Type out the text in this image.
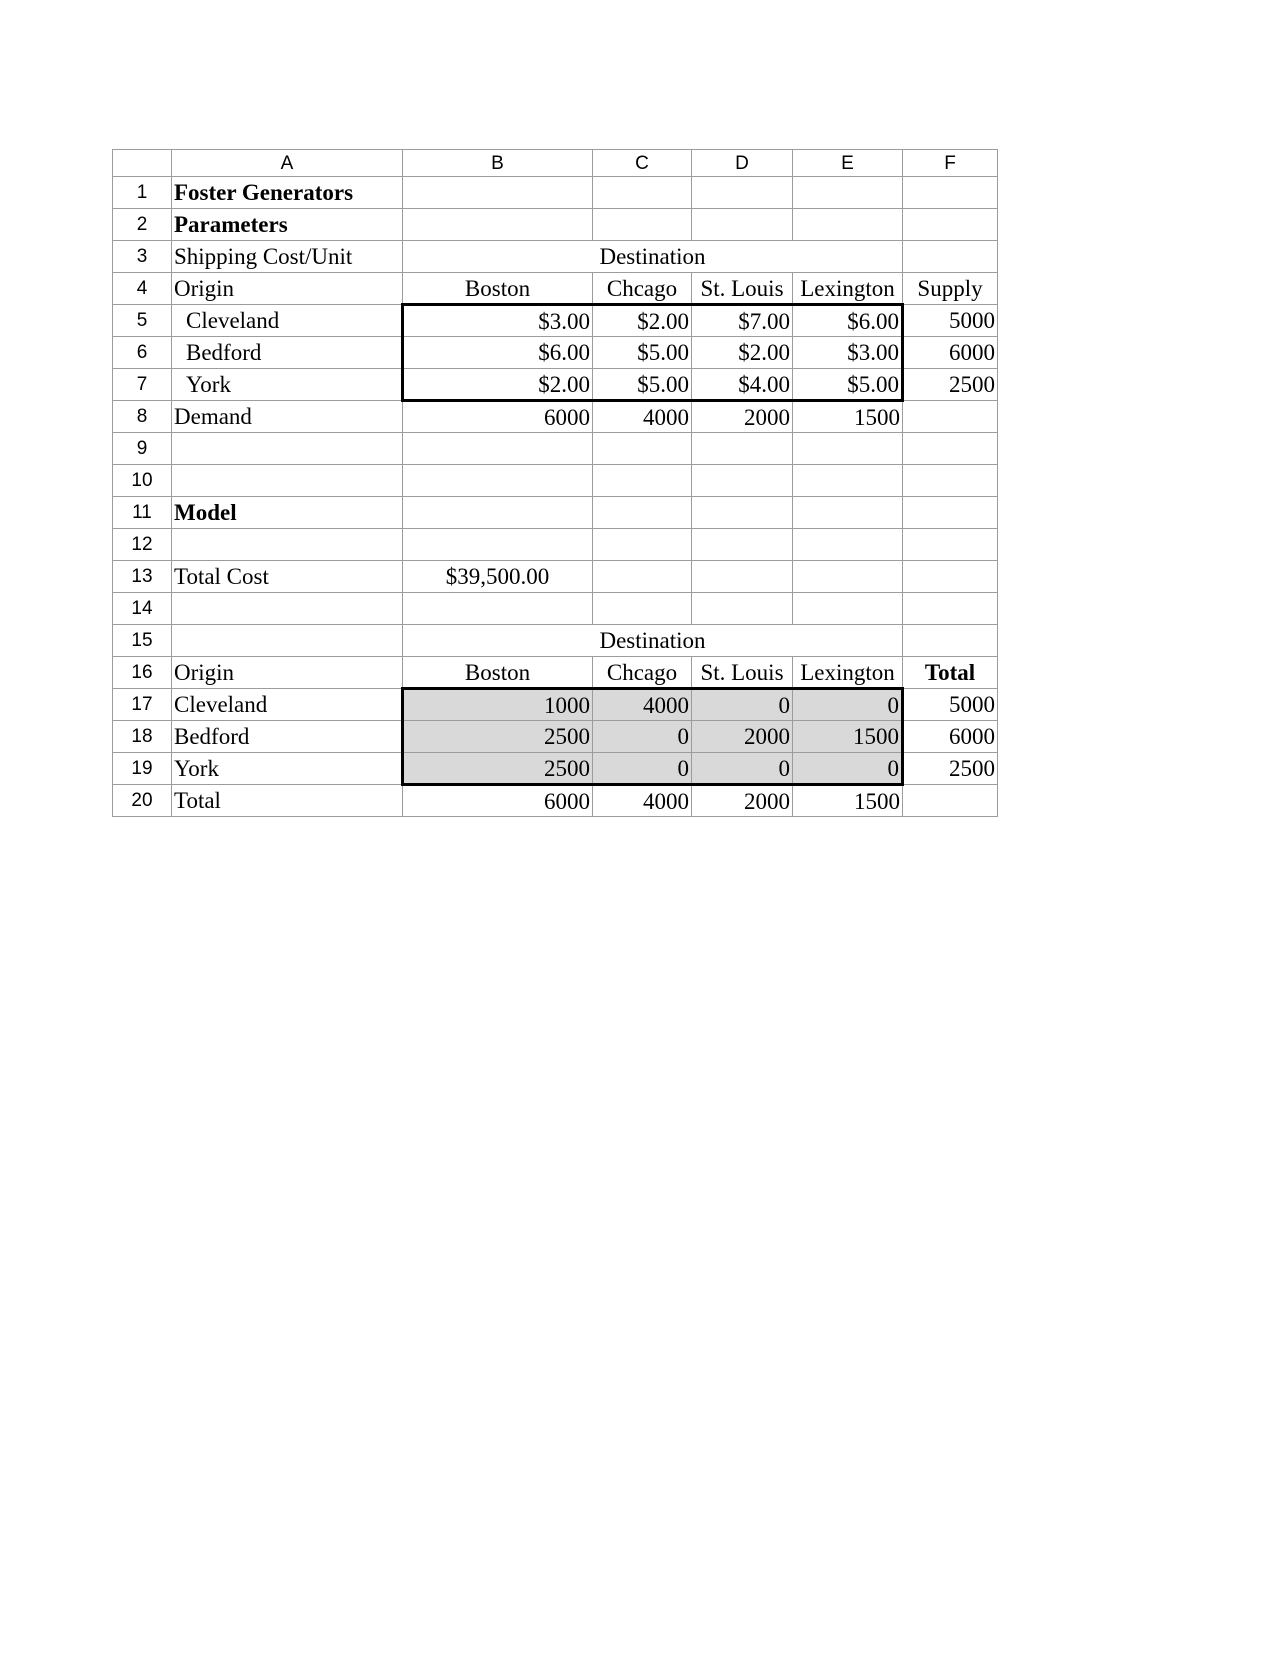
	A	B	C	D	E	F
1	Foster Generators					
2	Parameters					
3	Shipping Cost/Unit	Destination				
4	Origin	Boston	Chcago	St. Louis	Lexington	Supply
5	Cleveland	$3.00	$2.00	$7.00	$6.00	5000
6	Bedford	$6.00	$5.00	$2.00	$3.00	6000
7	York	$2.00	$5.00	$4.00	$5.00	2500
8	Demand	6000	4000	2000	1500	
9						
10						
11	Model					
12						
13	Total Cost	$39,500.00				
14						
15		Destination				
16	Origin	Boston	Chcago	St. Louis	Lexington	Total
17	Cleveland	1000	4000	0	0	5000
18	Bedford	2500	0	2000	1500	6000
19	York	2500	0	0	0	2500
20	Total	6000	4000	2000	1500	
